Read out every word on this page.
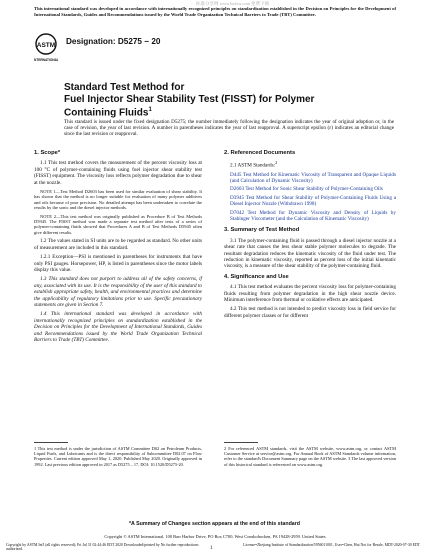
标准分享网 www.bzfxw.com 免费下载
This international standard was developed in accordance with internationally recognized principles on standardization established in the Decision on Principles for the Development of International Standards, Guides and Recommendations issued by the World Trade Organization Technical Barriers to Trade (TBT) Committee.
ASTM
INTERNATIONAL
Designation: D5275 − 20
Standard Test Method for
Fuel Injector Shear Stability Test (FISST) for Polymer
Containing Fluids$^1$
This standard is issued under the fixed designation D5275; the number immediately following the designation indicates the year of original adoption or, in the case of revision, the year of last revision. A number in parentheses indicates the year of last reapproval. A superscript epsilon (ε) indicates an editorial change since the last revision or reapproval.
1. Scope*

1.1 This test method covers the measurement of the percent viscosity loss at 100 °C of polymer-containing fluids using fuel injector shear stability test (FISST) equipment. The viscosity loss reflects polymer degradation due to shear at the nozzle.

NOTE 1—Test Method D2603 has been used for similar evaluation of shear stability. It has shown that the method is no longer suitable for evaluation of many polymer additives and oils because of poor precision. No detailed attempt has been undertaken to correlate the results by the sonic and the diesel injector methods.

NOTE 2—This test method was originally published as Procedure B of Test Methods D5945. The FISST method was made a separate test method after tests of a series of polymer-containing fluids showed that Procedures A and B of Test Methods D5945 often give different results.

1.2 The values stated in SI units are to be regarded as standard. No other units of measurement are included in this standard.

1.2.1 Exception—PSI is mentioned in parentheses for instruments that have only PSI gauges. Horsepower, HP, is listed in parentheses since the motor labels display this value.

1.3 This standard does not purport to address all of the safety concerns, if any, associated with its use. It is the responsibility of the user of this standard to establish appropriate safety, health, and environmental practices and determine the applicability of regulatory limitations prior to use. Specific precautionary statements are given in Section 7.

1.4 This international standard was developed in accordance with internationally recognized principles on standardization established in the Decision on Principles for the Development of International Standards, Guides and Recommendations issued by the World Trade Organization Technical Barriers to Trade (TBT) Committee.

2. Referenced Documents

2.1 ASTM Standards:$^2$

D445 Test Method for Kinematic Viscosity of Transparent and Opaque Liquids (and Calculation of Dynamic Viscosity)

D2603 Test Method for Sonic Shear Stability of Polymer-Containing Oils

D3945 Test Method for Shear Stability of Polymer-Containing Fluids Using a Diesel Injector Nozzle (Withdrawn 1998)

D7042 Test Method for Dynamic Viscosity and Density of Liquids by Stabinger Viscometer (and the Calculation of Kinematic Viscosity)

3. Summary of Test Method

3.1 The polymer-containing fluid is passed through a diesel injector nozzle at a shear rate that causes the less shear stable polymer molecules to degrade. The resultant degradation reduces the kinematic viscosity of the fluid under test. The reduction in kinematic viscosity, reported as percent loss of the initial kinematic viscosity, is a measure of the shear stability of the polymer-containing fluid.

4. Significance and Use

4.1 This test method evaluates the percent viscosity loss for polymer-containing fluids resulting from polymer degradation in the high shear nozzle device. Minimum interference from thermal or oxidative effects are anticipated.

4.2 This test method is not intended to predict viscosity loss in field service for different polymer classes or for different

1 This test method is under the jurisdiction of ASTM Committee D02 on Petroleum Products, Liquid Fuels, and Lubricants and is the direct responsibility of Subcommittee D02.07 on Flow Properties. Current edition approved May 1, 2020. Published May 2020. Originally approved in 1992. Last previous edition approved in 2017 as D5275 – 17. DOI: 10.1520/D5275-20.
2 For referenced ASTM standards, visit the ASTM website, www.astm.org, or contact ASTM Customer Service at service@astm.org. For Annual Book of ASTM Standards volume information, refer to the standard's Document Summary page on the ASTM website. 3 The last approved version of this historical standard is referenced on www.astm.org.
*A Summary of Changes section appears at the end of this standard
Copyright © ASTM International, 100 Barr Harbor Drive, PO Box C700, West Conshohocken, PA 19428-2959. United States
Copyright by ASTM Int'l (all rights reserved); Fri Jul 31 02:44:46 EDT 2020 Downloaded/printed by No further reproductions authorized.	1
License=Zhejiang Institute of Standardization/5956011001, User=Chen, Hui Not for Resale, MDT-2020-07-30 EDT
